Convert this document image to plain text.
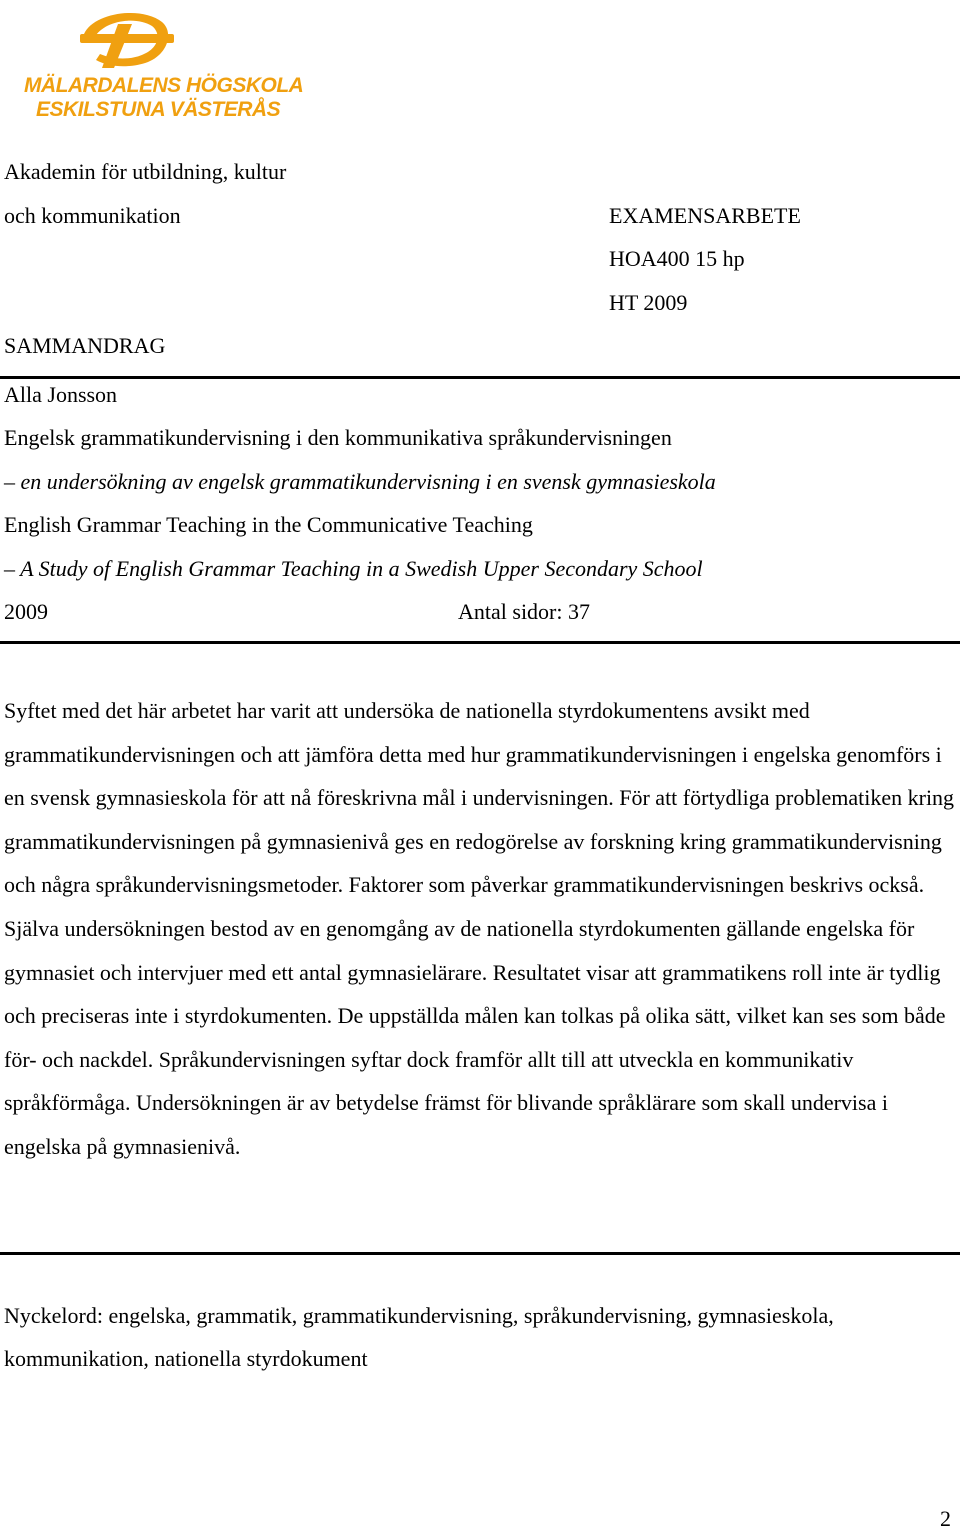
MÄLARDALENS HÖGSKOLA
ESKILSTUNA VÄSTERÅS
Akademin för utbildning, kultur
och kommunikation	EXAMENSARBETE
HOA400 15 hp
HT 2009
SAMMANDRAG
Alla Jonsson
Engelsk grammatikundervisning i den kommunikativa språkundervisningen
– en undersökning av engelsk grammatikundervisning i en svensk gymnasieskola
English Grammar Teaching in the Communicative Teaching
– A Study of English Grammar Teaching in a Swedish Upper Secondary School
2009	Antal sidor: 37

Syftet med det här arbetet har varit att undersöka de nationella styrdokumentens avsikt med grammatikundervisningen och att jämföra detta med hur grammatikundervisningen i engelska genomförs i en svensk gymnasieskola för att nå föreskrivna mål i undervisningen. För att förtydliga problematiken kring grammatikundervisningen på gymnasienivå ges en redogörelse av forskning kring grammatikundervisning och några språkundervisningsmetoder. Faktorer som påverkar grammatikundervisningen beskrivs också. Själva undersökningen bestod av en genomgång av de nationella styrdokumenten gällande engelska för gymnasiet och intervjuer med ett antal gymnasielärare. Resultatet visar att grammatikens roll inte är tydlig och preciseras inte i styrdokumenten. De uppställda målen kan tolkas på olika sätt, vilket kan ses som både för- och nackdel. Språkundervisningen syftar dock framför allt till att utveckla en kommunikativ språkförmåga. Undersökningen är av betydelse främst för blivande språklärare som skall undervisa i engelska på gymnasienivå.

Nyckelord: engelska, grammatik, grammatikundervisning, språkundervisning, gymnasieskola,
kommunikation, nationella styrdokument
2
